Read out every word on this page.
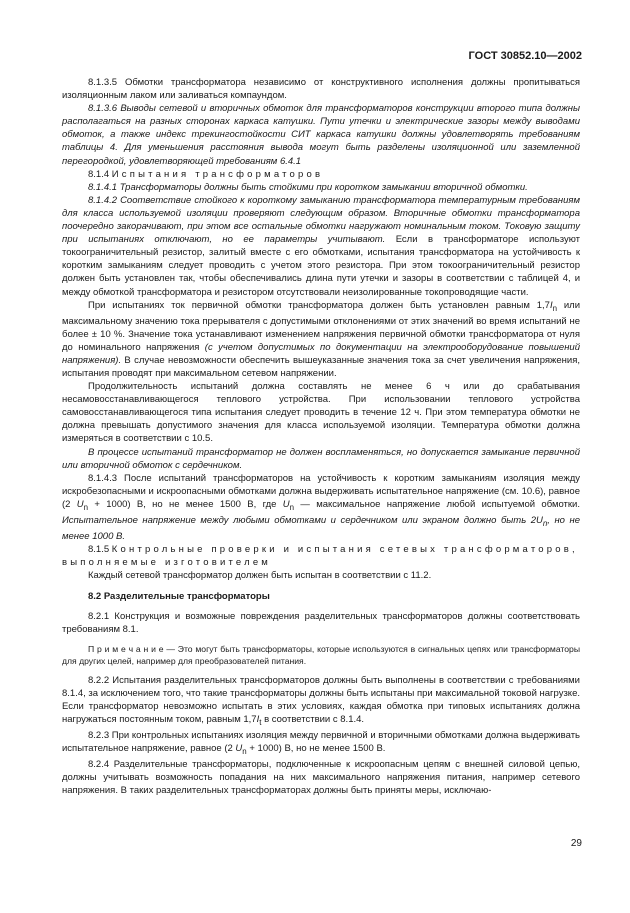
ГОСТ 30852.10—2002

8.1.3.5 Обмотки трансформатора независимо от конструктивного исполнения должны пропитываться изоляционным лаком или заливаться компаундом.

8.1.3.6 Выводы сетевой и вторичных обмоток для трансформаторов конструкции второго типа должны располагаться на разных сторонах каркаса катушки. Пути утечки и электрические зазоры между выводами обмоток, а также индекс трекингостойкости СИТ каркаса катушки должны удовлетворять требованиям таблицы 4. Для уменьшения расстояния вывода могут быть разделены изоляционной или заземленной перегородкой, удовлетворяющей требованиям 6.4.1

8.1.4 Испытания трансформаторов

8.1.4.1 Трансформаторы должны быть стойкими при коротком замыкании вторичной обмотки.

8.1.4.2 Соответствие стойкого к короткому замыканию трансформатора температурным требованиям для класса используемой изоляции проверяют следующим образом. Вторичные обмотки трансформатора поочередно закорачивают, при этом все остальные обмотки нагружают номинальным током. Токовую защиту при испытаниях отключают, но ее параметры учитывают. Если в трансформаторе используют токоограничительный резистор, залитый вместе с его обмотками, испытания трансформатора на устойчивость к коротким замыканиям следует проводить с учетом этого резистора. При этом токоограничительный резистор должен быть установлен так, чтобы обеспечивались длина пути утечки и зазоры в соответствии с таблицей 4, и между обмоткой трансформатора и резистором отсутствовали неизолированные токопроводящие части.

При испытаниях ток первичной обмотки трансформатора должен быть установлен равным $1,7I_n$ или максимальному значению тока прерывателя с допустимыми отклонениями от этих значений во время испытаний не более ± 10 %. Значение тока устанавливают изменением напряжения первичной обмотки трансформатора от нуля до номинального напряжения (с учетом допустимых по документации на электрооборудование повышений напряжения). В случае невозможности обеспечить вышеуказанные значения тока за счет увеличения напряжения, испытания проводят при максимальном сетевом напряжении.

Продолжительность испытаний должна составлять не менее 6 ч или до срабатывания несамовосстанавливающегося теплового устройства. При использовании теплового устройства самовосстанавливающегося типа испытания следует проводить в течение 12 ч. При этом температура обмотки не должна превышать допустимого значения для класса используемой изоляции. Температура обмотки должна измеряться в соответствии с 10.5.

В процессе испытаний трансформатор не должен воспламеняться, но допускается замыкание первичной или вторичной обмоток с сердечником.

8.1.4.3 После испытаний трансформаторов на устойчивость к коротким замыканиям изоляция между искробезопасными и искроопасными обмотками должна выдерживать испытательное напряжение (см. 10.6), равное (2 $U_n + 1000$) В, но не менее 1500 В, где $U_n$ — максимальное напряжение любой испытуемой обмотки. Испытательное напряжение между любыми обмотками и сердечником или экраном должно быть $2U_n$, но не менее 1000 В.

8.1.5 Контрольные проверки и испытания сетевых трансформаторов,

выполняемые изготовителем

Каждый сетевой трансформатор должен быть испытан в соответствии с 11.2.

8.2 Разделительные трансформаторы

8.2.1 Конструкция и возможные повреждения разделительных трансформаторов должны соответствовать требованиям 8.1.

П р и м е ч а н и е — Это могут быть трансформаторы, которые используются в сигнальных цепях или трансформаторы для других целей, например для преобразователей питания.

8.2.2 Испытания разделительных трансформаторов должны быть выполнены в соответствии с требованиями 8.1.4, за исключением того, что такие трансформаторы должны быть испытаны при максимальной токовой нагрузке. Если трансформатор невозможно испытать в этих условиях, каждая обмотка при типовых испытаниях должна нагружаться постоянным током, равным $1,7I_t$ в соответствии с 8.1.4.

8.2.3 При контрольных испытаниях изоляция между первичной и вторичными обмотками должна выдерживать испытательное напряжение, равное (2 $U_n + 1000$) В, но не менее 1500 В.

8.2.4 Разделительные трансформаторы, подключенные к искроопасным цепям с внешней силовой цепью, должны учитывать возможность попадания на них максимального напряжения питания, например сетевого напряжения. В таких разделительных трансформаторах должны быть приняты меры, исключаю-

29
